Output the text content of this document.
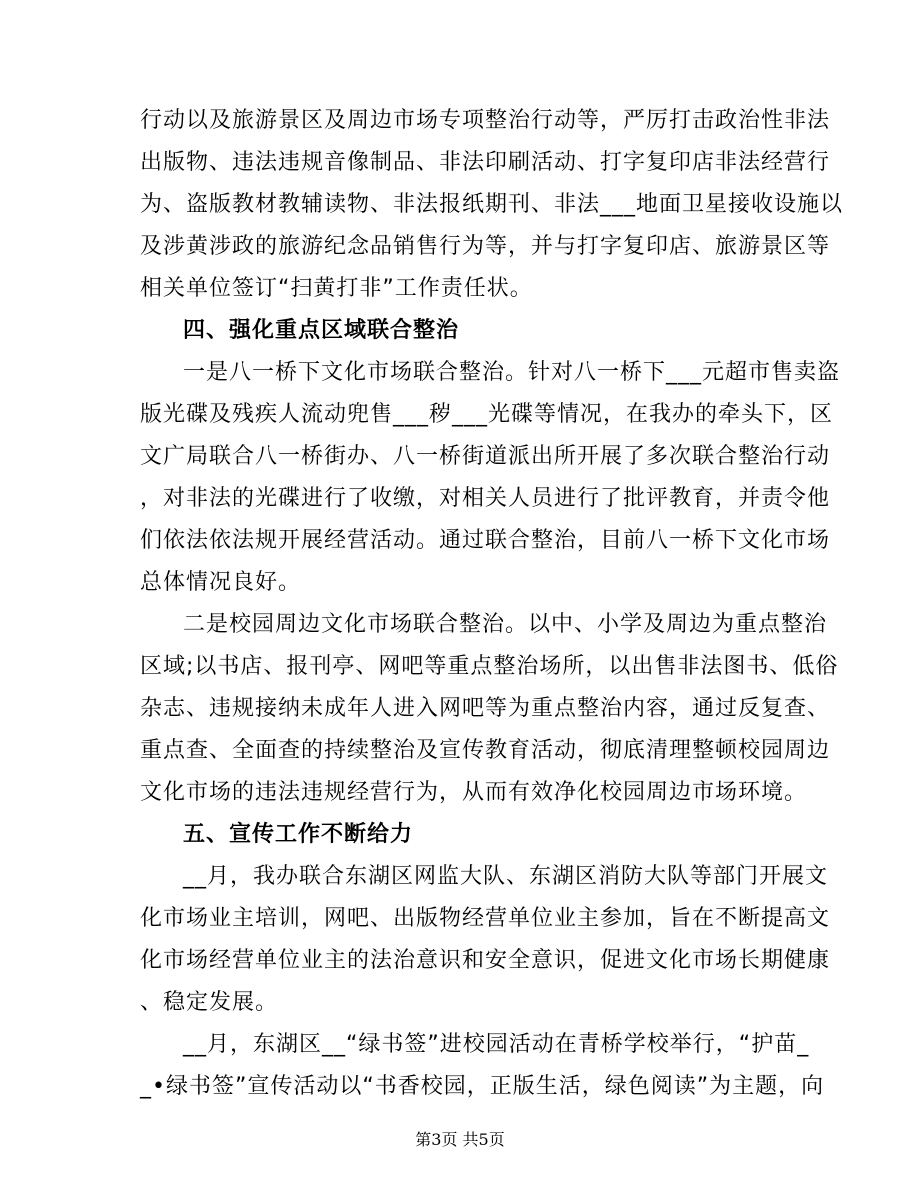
行动以及旅游景区及周边市场专项整治行动等，严厉打击政治性非法
出版物、违法违规音像制品、非法印刷活动、打字复印店非法经营行
为、盗版教材教辅读物、非法报纸期刊、非法___地面卫星接收设施以
及涉黄涉政的旅游纪念品销售行为等，并与打字复印店、旅游景区等
相关单位签订“扫黄打非”工作责任状。
四、强化重点区域联合整治
一是八一桥下文化市场联合整治。针对八一桥下___元超市售卖盗
版光碟及残疾人流动兜售___秽___光碟等情况，在我办的牵头下，区
文广局联合八一桥街办、八一桥街道派出所开展了多次联合整治行动
，对非法的光碟进行了收缴，对相关人员进行了批评教育，并责令他
们依法依法规开展经营活动。通过联合整治，目前八一桥下文化市场
总体情况良好。
二是校园周边文化市场联合整治。以中、小学及周边为重点整治
区域;以书店、报刊亭、网吧等重点整治场所，以出售非法图书、低俗
杂志、违规接纳未成年人进入网吧等为重点整治内容，通过反复查、
重点查、全面查的持续整治及宣传教育活动，彻底清理整顿校园周边
文化市场的违法违规经营行为，从而有效净化校园周边市场环境。
五、宣传工作不断给力
__月，我办联合东湖区网监大队、东湖区消防大队等部门开展文
化市场业主培训，网吧、出版物经营单位业主参加，旨在不断提高文
化市场经营单位业主的法治意识和安全意识，促进文化市场长期健康
、稳定发展。
__月，东湖区__“绿书签”进校园活动在青桥学校举行，“护苗_
_•绿书签”宣传活动以“书香校园，正版生活，绿色阅读”为主题，向
第3页 共5页
